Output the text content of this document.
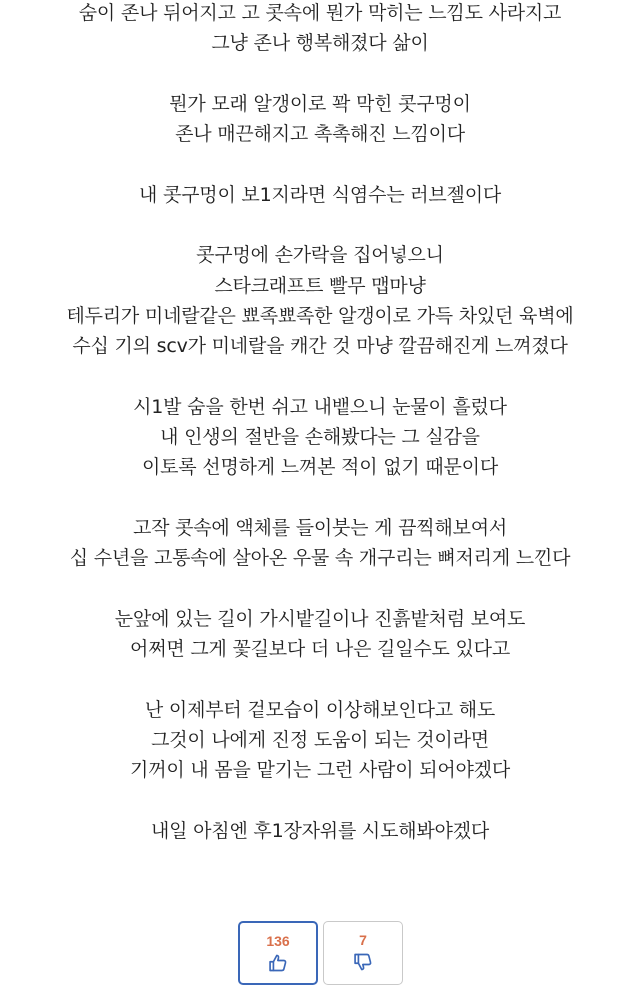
숨이 존나 뒤어지고 고 콧속에 뭔가 막히는 느낌도 사라지고
그냥 존나 행복해졌다 삶이
뭔가 모래 알갱이로 꽉 막힌 콧구멍이
존나 매끈해지고 촉촉해진 느낌이다
내 콧구멍이 보1지라면 식염수는 러브젤이다
콧구멍에 손가락을 집어넣으니
스타크래프트 빨무 맵마냥
테두리가 미네랄같은 뾰족뾰족한 알갱이로 가득 차있던 육벽에
수십 기의 scv가 미네랄을 캐간 것 마냥 깔끔해진게 느껴졌다
시1발 숨을 한번 쉬고 내뱉으니 눈물이 흘렀다
내 인생의 절반을 손해봤다는 그 실감을
이토록 선명하게 느껴본 적이 없기 때문이다
고작 콧속에 액체를 들이붓는 게 끔찍해보여서
십 수년을 고통속에 살아온 우물 속 개구리는 뼈저리게 느낀다
눈앞에 있는 길이 가시밭길이나 진흙밭처럼 보여도
어쩌면 그게 꽃길보다 더 나은 길일수도 있다고
난 이제부터 겉모습이 이상해보인다고 해도
그것이 나에게 진정 도움이 되는 것이라면
기꺼이 내 몸을 맡기는 그런 사람이 되어야겠다
내일 아침엔 후1장자위를 시도해봐야겠다
136	7
